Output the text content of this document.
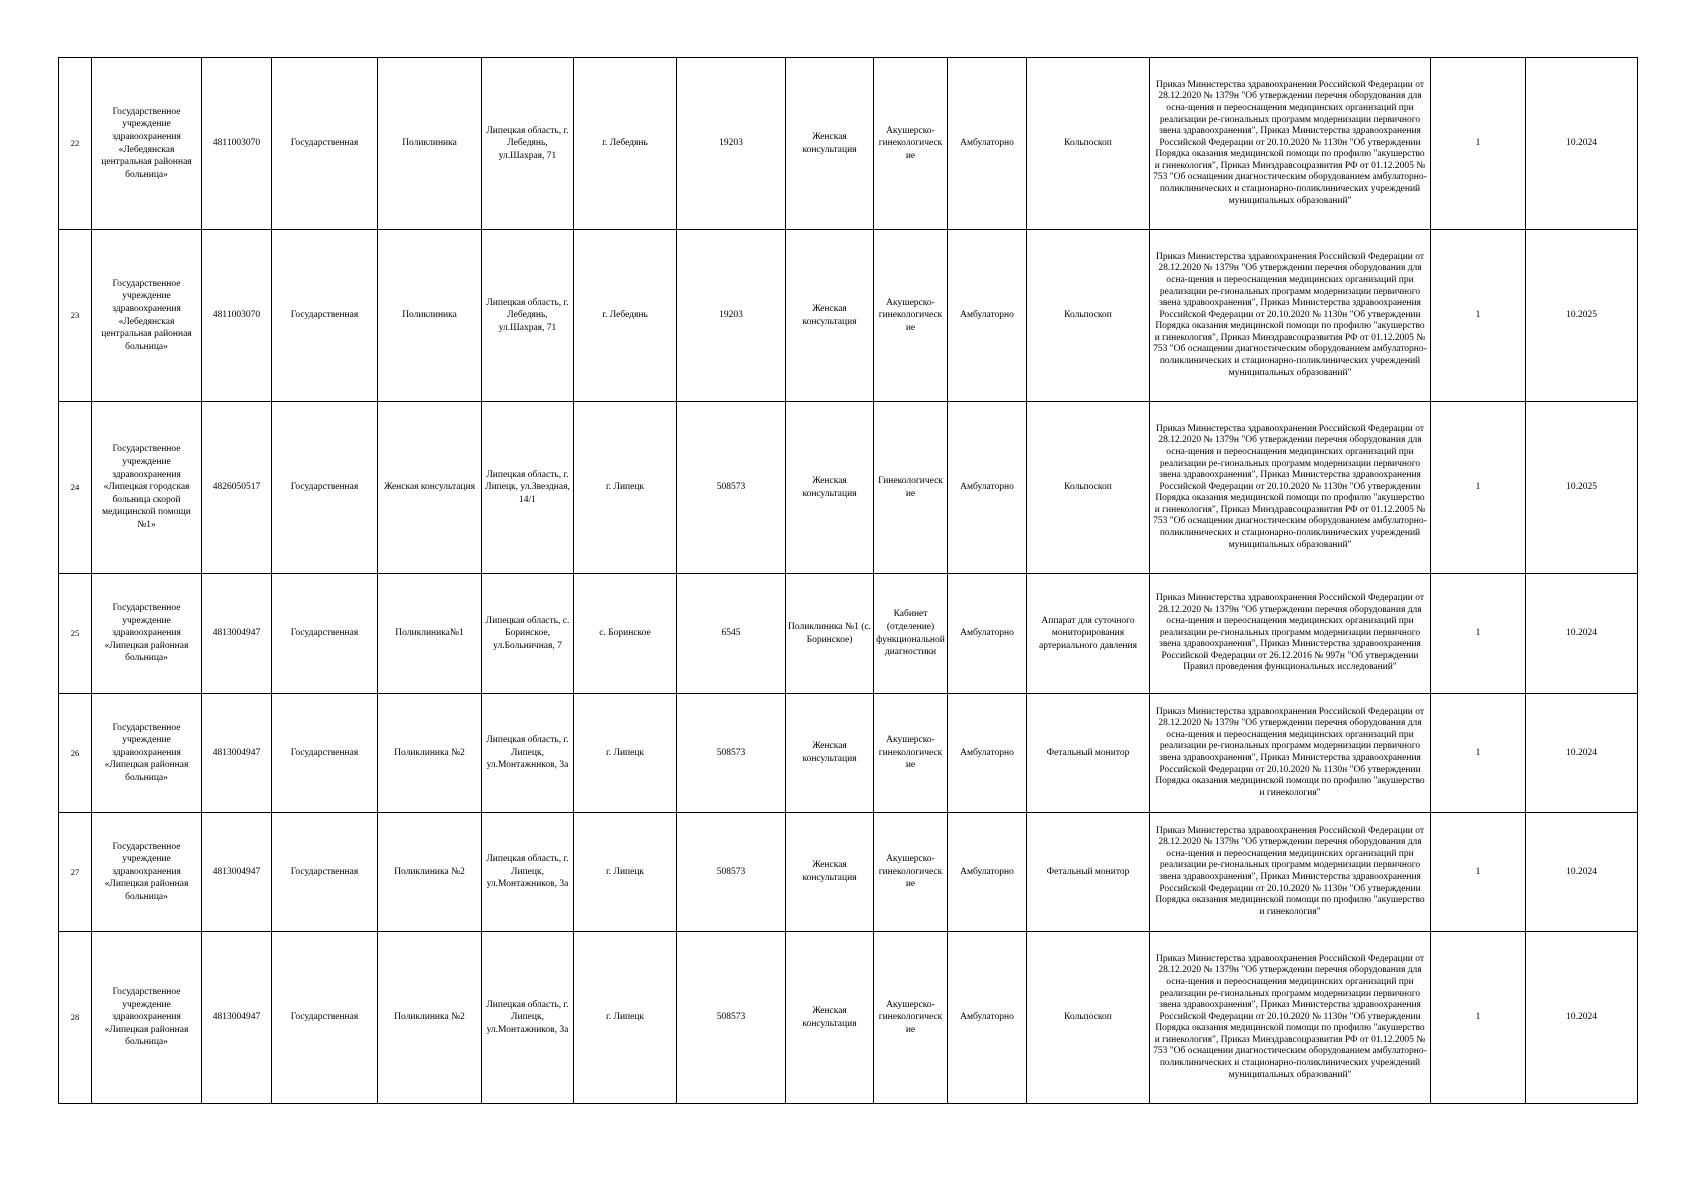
22	Государственное учреждение здравоохранения «Лебедянская центральная районная больница»	4811003070	Государственная	Поликлиника	Липецкая область, г. Лебедянь, ул.Шахрая, 71	г. Лебедянь	19203	Женская консультация	Акушерско-гинекологическ ие	Амбулаторно	Кольпоскоп	Приказ Министерства здравоохранения Российской Федерации от 28.12.2020 № 1379н "Об утверждении перечня оборудования для осна-щения и переоснащения медицинских организаций при реализации ре-гиональных программ модернизации первичного звена здравоохранения", Приказ Министерства здравоохранения Российской Федерации от 20.10.2020 № 1130н "Об утверждении Порядка оказания медицинской помощи по профилю "акушерство и гинекология", Приказ Минздравсоцразвития РФ от 01.12.2005 № 753 "Об оснащении диагностическим оборудованием амбулаторно-поликлинических и стационарно-поликлинических учреждений муниципальных образований"	1	10.2024
23	Государственное учреждение здравоохранения «Лебедянская центральная районная больница»	4811003070	Государственная	Поликлиника	Липецкая область, г. Лебедянь, ул.Шахрая, 71	г. Лебедянь	19203	Женская консультация	Акушерско-гинекологическ ие	Амбулаторно	Кольпоскоп	Приказ Министерства здравоохранения Российской Федерации от 28.12.2020 № 1379н "Об утверждении перечня оборудования для осна-щения и переоснащения медицинских организаций при реализации ре-гиональных программ модернизации первичного звена здравоохранения", Приказ Министерства здравоохранения Российской Федерации от 20.10.2020 № 1130н "Об утверждении Порядка оказания медицинской помощи по профилю "акушерство и гинекология", Приказ Минздравсоцразвития РФ от 01.12.2005 № 753 "Об оснащении диагностическим оборудованием амбулаторно-поликлинических и стационарно-поликлинических учреждений муниципальных образований"	1	10.2025
24	Государственное учреждение здравоохранения «Липецкая городская больница скорой медицинской помощи №1»	4826050517	Государственная	Женская консультация	Липецкая область, г. Липецк, ул.Звездная, 14/1	г. Липецк	508573	Женская консультация	Гинекологическ ие	Амбулаторно	Кольпоскоп	Приказ Министерства здравоохранения Российской Федерации от 28.12.2020 № 1379н "Об утверждении перечня оборудования для осна-щения и переоснащения медицинских организаций при реализации ре-гиональных программ модернизации первичного звена здравоохранения", Приказ Министерства здравоохранения Российской Федерации от 20.10.2020 № 1130н "Об утверждении Порядка оказания медицинской помощи по профилю "акушерство и гинекология", Приказ Минздравсоцразвития РФ от 01.12.2005 № 753 "Об оснащении диагностическим оборудованием амбулаторно-поликлинических и стационарно-поликлинических учреждений муниципальных образований"	1	10.2025
25	Государственное учреждение здравоохранения «Липецкая районная больница»	4813004947	Государственная	Поликлиника№1	Липецкая область, с. Боринское, ул.Больничная, 7	с. Боринское	6545	Поликлиника №1 (с. Боринское)	Кабинет (отделение) функциональной диагностики	Амбулаторно	Аппарат для суточного мониторирования артериального давления	Приказ Министерства здравоохранения Российской Федерации от 28.12.2020 № 1379н "Об утверждении перечня оборудования для осна-щения и переоснащения медицинских организаций при реализации ре-гиональных программ модернизации первичного звена здравоохранения", Приказ Министерства здравоохранения Российской Федерации от 26.12.2016 № 997н "Об утверждении Правил проведения функциональных исследований"	1	10.2024
26	Государственное учреждение здравоохранения «Липецкая районная больница»	4813004947	Государственная	Поликлиника №2	Липецкая область, г. Липецк, ул.Монтажников, 3а	г. Липецк	508573	Женская консультация	Акушерско-гинекологическ ие	Амбулаторно	Фетальный монитор	Приказ Министерства здравоохранения Российской Федерации от 28.12.2020 № 1379н "Об утверждении перечня оборудования для осна-щения и переоснащения медицинских организаций при реализации ре-гиональных программ модернизации первичного звена здравоохранения", Приказ Министерства здравоохранения Российской Федерации от 20.10.2020 № 1130н "Об утверждении Порядка оказания медицинской помощи по профилю "акушерство и гинекология"	1	10.2024
27	Государственное учреждение здравоохранения «Липецкая районная больница»	4813004947	Государственная	Поликлиника №2	Липецкая область, г. Липецк, ул.Монтажников, 3а	г. Липецк	508573	Женская консультация	Акушерско-гинекологическ ие	Амбулаторно	Фетальный монитор	Приказ Министерства здравоохранения Российской Федерации от 28.12.2020 № 1379н "Об утверждении перечня оборудования для осна-щения и переоснащения медицинских организаций при реализации ре-гиональных программ модернизации первичного звена здравоохранения", Приказ Министерства здравоохранения Российской Федерации от 20.10.2020 № 1130н "Об утверждении Порядка оказания медицинской помощи по профилю "акушерство и гинекология"	1	10.2024
28	Государственное учреждение здравоохранения «Липецкая районная больница»	4813004947	Государственная	Поликлиника №2	Липецкая область, г. Липецк, ул.Монтажников, 3а	г. Липецк	508573	Женская консультация	Акушерско-гинекологическ ие	Амбулаторно	Кольпоскоп	Приказ Министерства здравоохранения Российской Федерации от 28.12.2020 № 1379н "Об утверждении перечня оборудования для осна-щения и переоснащения медицинских организаций при реализации ре-гиональных программ модернизации первичного звена здравоохранения", Приказ Министерства здравоохранения Российской Федерации от 20.10.2020 № 1130н "Об утверждении Порядка оказания медицинской помощи по профилю "акушерство и гинекология", Приказ Минздравсоцразвития РФ от 01.12.2005 № 753 "Об оснащении диагностическим оборудованием амбулаторно-поликлинических и стационарно-поликлинических учреждений муниципальных образований"	1	10.2024
